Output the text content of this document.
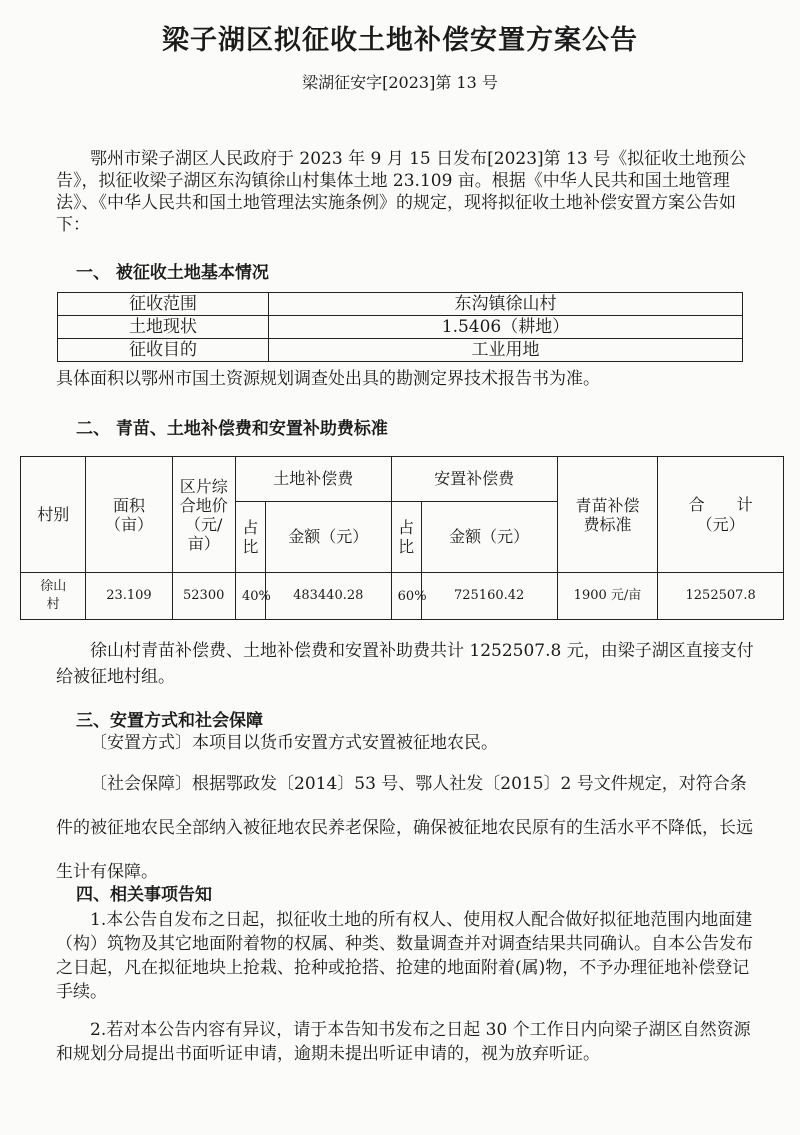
梁子湖区拟征收土地补偿安置方案公告
梁湖征安字[2023]第 13 号

鄂州市梁子湖区人民政府于 2023 年 9 月 15 日发布[2023]第 13 号《拟征收土地预公告》，拟征收梁子湖区东沟镇徐山村集体土地 23.109 亩。根据《中华人民共和国土地管理法》、《中华人民共和国土地管理法实施条例》的规定，现将拟征收土地补偿安置方案公告如下：

一、 被征收土地基本情况
征收范围	东沟镇徐山村
土地现状	1.5406（耕地）
征收目的	工业用地

具体面积以鄂州市国土资源规划调查处出具的勘测定界技术报告书为准。

二、 青苗、土地补偿费和安置补助费标准
村别	面积（亩）	区片综合地价（元/亩）	土地补偿费		安置补偿费		青苗补偿费标准	合　　计（元）

			占比	金额（元）	占比	金额（元）		

徐山村	23.109	52300	40%	483440.28	60%	725160.42	1900 元/亩	1252507.8

徐山村青苗补偿费、土地补偿费和安置补助费共计 1252507.8 元，由梁子湖区直接支付给被征地村组。

三、安置方式和社会保障

〔安置方式〕本项目以货币安置方式安置被征地农民。

〔社会保障〕根据鄂政发〔2014〕53 号、鄂人社发〔2015〕2 号文件规定，对符合条件的被征地农民全部纳入被征地农民养老保险，确保被征地农民原有的生活水平不降低，长远生计有保障。

四、相关事项告知

1.本公告自发布之日起，拟征收土地的所有权人、使用权人配合做好拟征地范围内地面建（构）筑物及其它地面附着物的权属、种类、数量调查并对调查结果共同确认。自本公告发布之日起，凡在拟征地块上抢栽、抢种或抢搭、抢建的地面附着(属)物，不予办理征地补偿登记手续。

2.若对本公告内容有异议，请于本告知书发布之日起 30 个工作日内向梁子湖区自然资源和规划分局提出书面听证申请，逾期未提出听证申请的，视为放弃听证。
